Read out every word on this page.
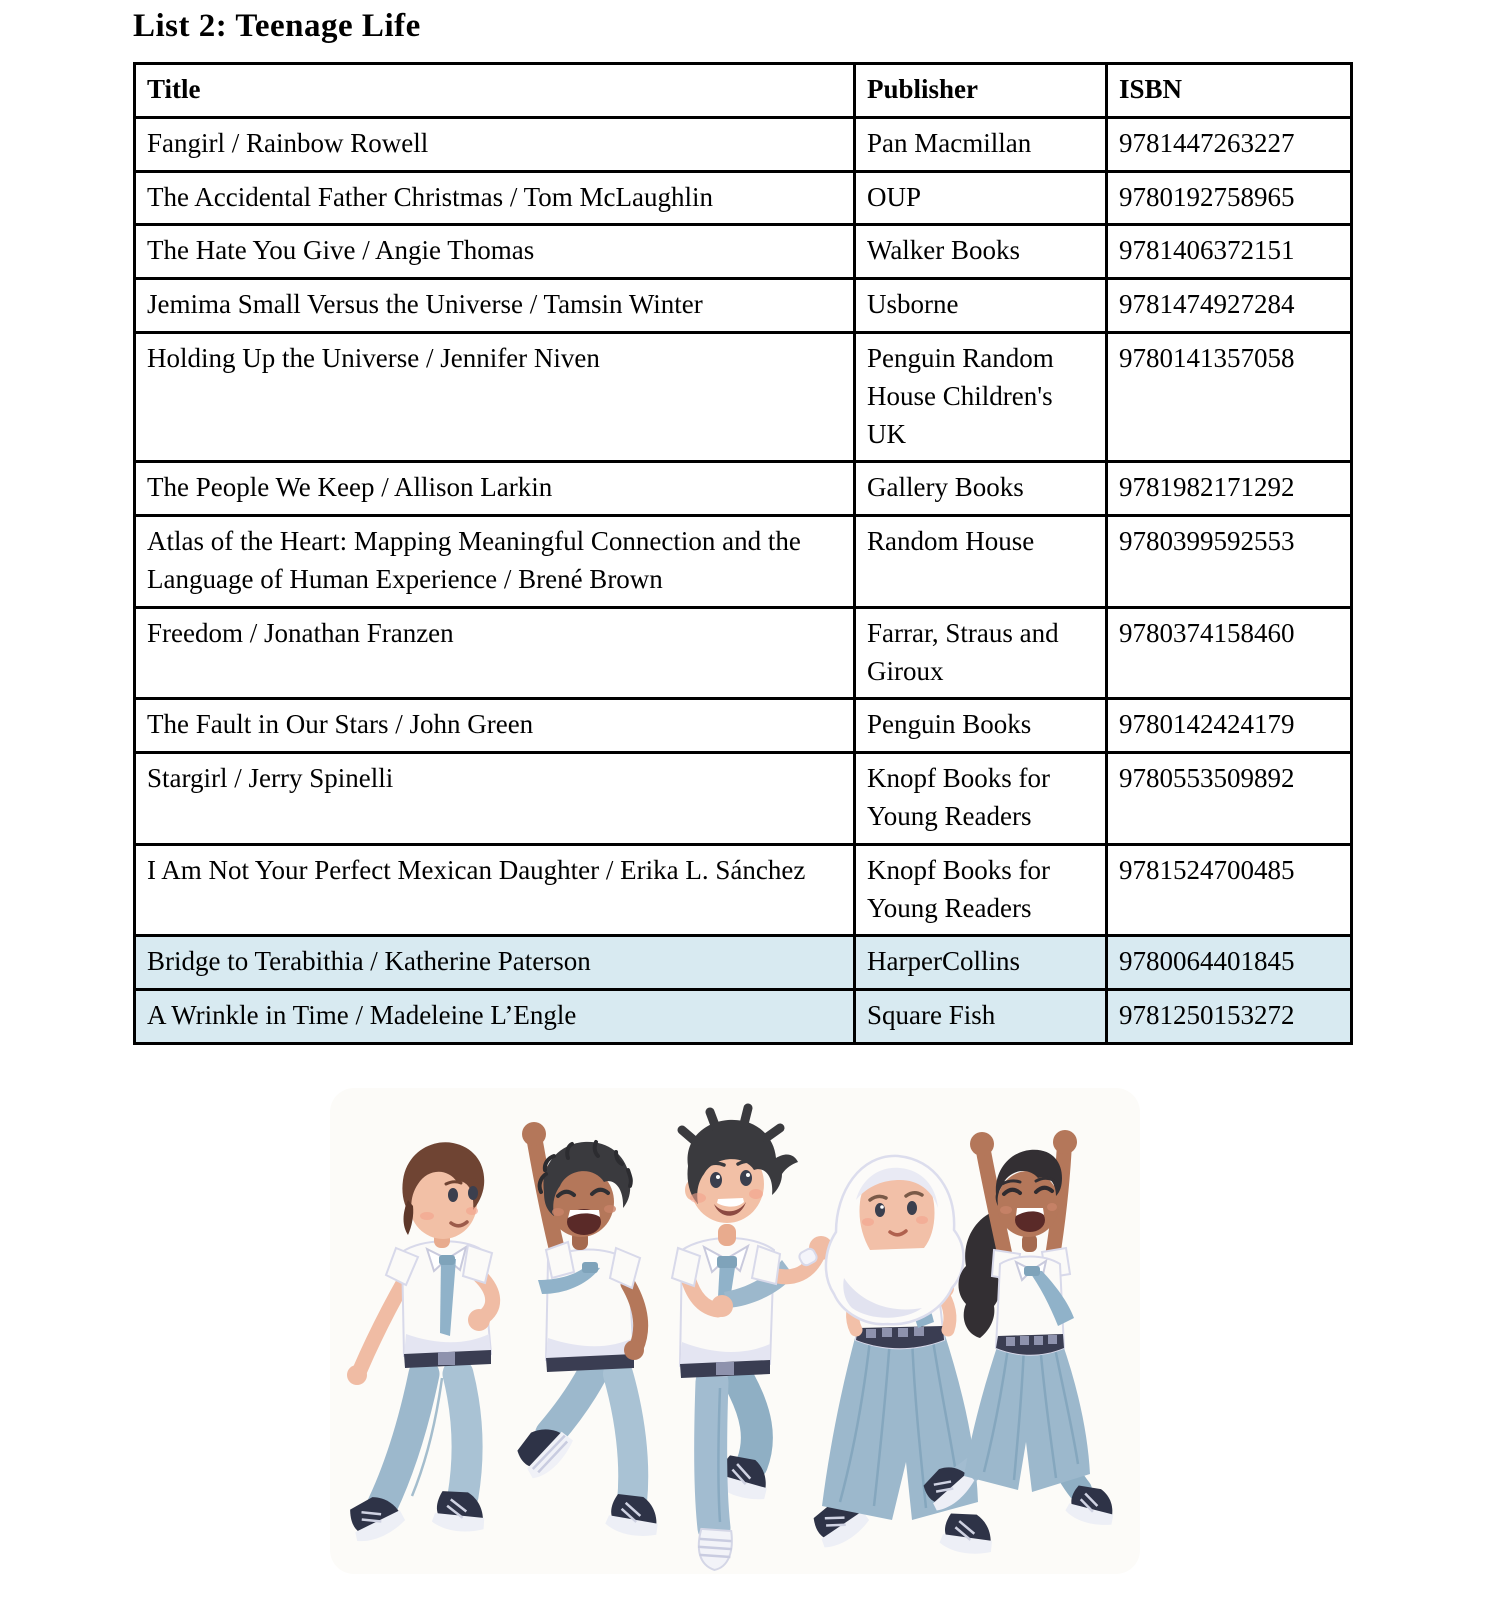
List 2: Teenage Life
Title	Publisher	ISBN
Fangirl / Rainbow Rowell	Pan Macmillan	9781447263227
The Accidental Father Christmas / Tom McLaughlin	OUP	9780192758965
The Hate You Give / Angie Thomas	Walker Books	9781406372151
Jemima Small Versus the Universe / Tamsin Winter	Usborne	9781474927284
Holding Up the Universe / Jennifer Niven	Penguin Random House Children's UK	9780141357058
The People We Keep / Allison Larkin	Gallery Books	9781982171292
Atlas of the Heart: Mapping Meaningful Connection and the Language of Human Experience / Brené Brown	Random House	9780399592553
Freedom / Jonathan Franzen	Farrar, Straus and Giroux	9780374158460
The Fault in Our Stars / John Green	Penguin Books	9780142424179
Stargirl / Jerry Spinelli	Knopf Books for Young Readers	9780553509892
I Am Not Your Perfect Mexican Daughter / Erika L. Sánchez	Knopf Books for Young Readers	9781524700485
Bridge to Terabithia / Katherine Paterson	HarperCollins	9780064401845
A Wrinkle in Time / Madeleine L’Engle	Square Fish	9781250153272
